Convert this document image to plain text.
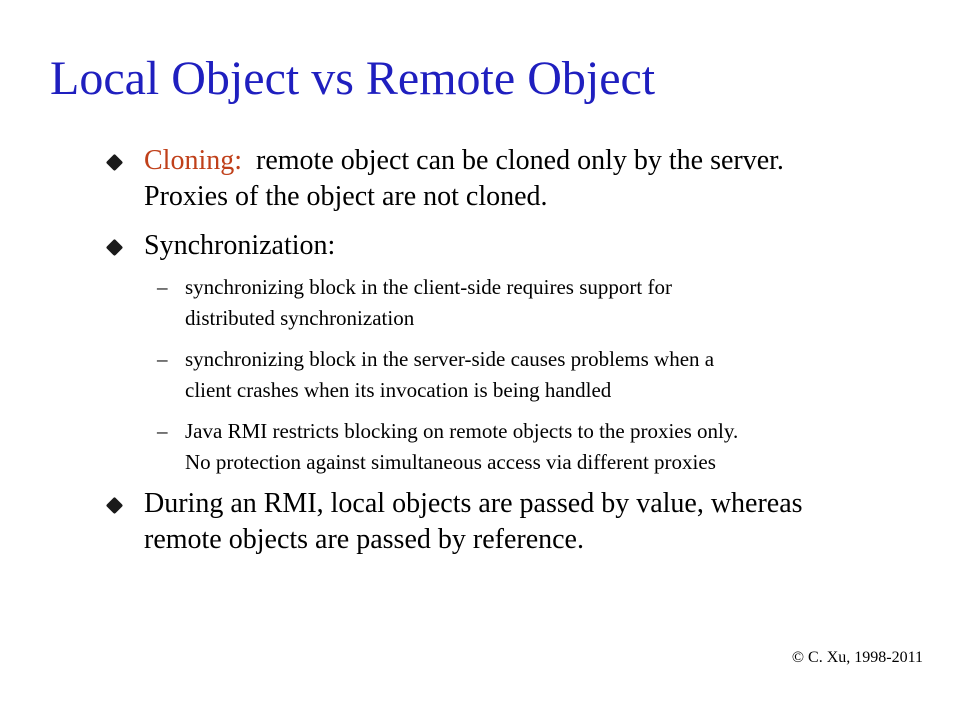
Local Object vs Remote Object
Cloning:  remote object can be cloned only by the server.
Proxies of the object are not cloned.
Synchronization:
– synchronizing block in the client-side requires support for
distributed synchronization
– synchronizing block in the server-side causes problems when a
client crashes when its invocation is being handled
– Java RMI restricts blocking on remote objects to the proxies only.
No protection against simultaneous access via different proxies
During an RMI, local objects are passed by value, whereas
remote objects are passed by reference.
© C. Xu, 1998-2011
